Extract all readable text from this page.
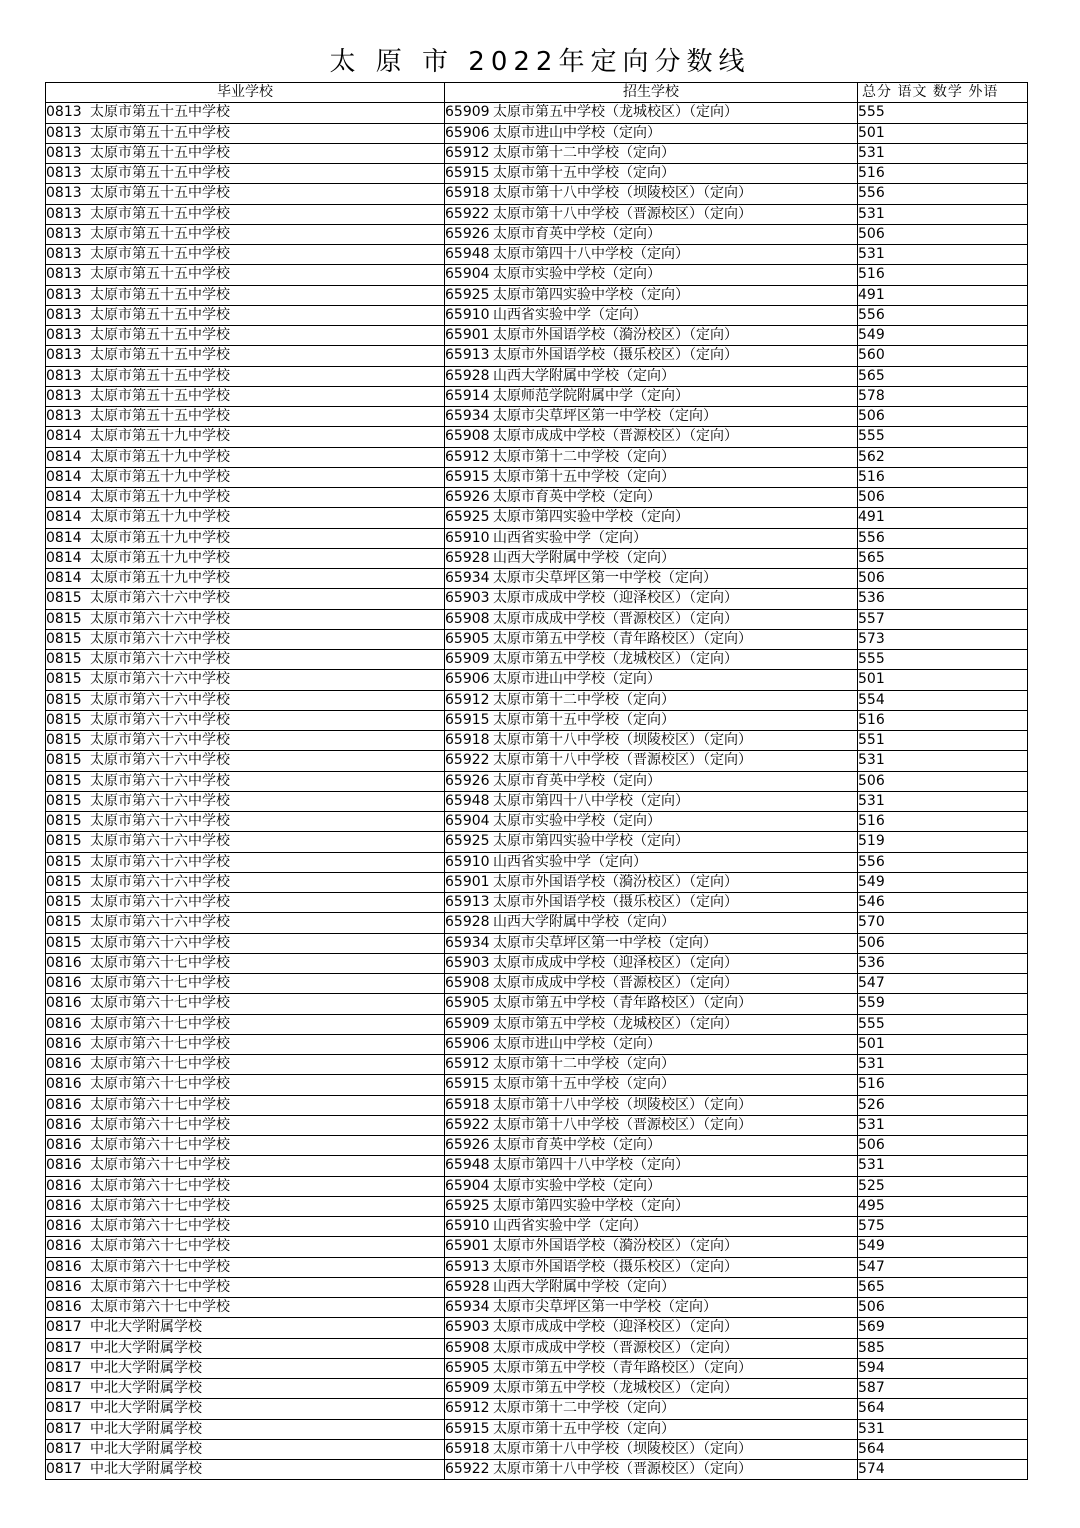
太 原 市 2022年定向分数线
毕业学校	招生学校	总分 语文 数学 外语
0813 太原市第五十五中学校	65909 太原市第五中学校（龙城校区）（定向）	555
0813 太原市第五十五中学校	65906 太原市进山中学校（定向）	501
0813 太原市第五十五中学校	65912 太原市第十二中学校（定向）	531
0813 太原市第五十五中学校	65915 太原市第十五中学校（定向）	516
0813 太原市第五十五中学校	65918 太原市第十八中学校（坝陵校区）（定向）	556
0813 太原市第五十五中学校	65922 太原市第十八中学校（晋源校区）（定向）	531
0813 太原市第五十五中学校	65926 太原市育英中学校（定向）	506
0813 太原市第五十五中学校	65948 太原市第四十八中学校（定向）	531
0813 太原市第五十五中学校	65904 太原市实验中学校（定向）	516
0813 太原市第五十五中学校	65925 太原市第四实验中学校（定向）	491
0813 太原市第五十五中学校	65910 山西省实验中学（定向）	556
0813 太原市第五十五中学校	65901 太原市外国语学校（漪汾校区）（定向）	549
0813 太原市第五十五中学校	65913 太原市外国语学校（摄乐校区）（定向）	560
0813 太原市第五十五中学校	65928 山西大学附属中学校（定向）	565
0813 太原市第五十五中学校	65914 太原师范学院附属中学（定向）	578
0813 太原市第五十五中学校	65934 太原市尖草坪区第一中学校（定向）	506
0814 太原市第五十九中学校	65908 太原市成成中学校（晋源校区）（定向）	555
0814 太原市第五十九中学校	65912 太原市第十二中学校（定向）	562
0814 太原市第五十九中学校	65915 太原市第十五中学校（定向）	516
0814 太原市第五十九中学校	65926 太原市育英中学校（定向）	506
0814 太原市第五十九中学校	65925 太原市第四实验中学校（定向）	491
0814 太原市第五十九中学校	65910 山西省实验中学（定向）	556
0814 太原市第五十九中学校	65928 山西大学附属中学校（定向）	565
0814 太原市第五十九中学校	65934 太原市尖草坪区第一中学校（定向）	506
0815 太原市第六十六中学校	65903 太原市成成中学校（迎泽校区）（定向）	536
0815 太原市第六十六中学校	65908 太原市成成中学校（晋源校区）（定向）	557
0815 太原市第六十六中学校	65905 太原市第五中学校（青年路校区）（定向）	573
0815 太原市第六十六中学校	65909 太原市第五中学校（龙城校区）（定向）	555
0815 太原市第六十六中学校	65906 太原市进山中学校（定向）	501
0815 太原市第六十六中学校	65912 太原市第十二中学校（定向）	554
0815 太原市第六十六中学校	65915 太原市第十五中学校（定向）	516
0815 太原市第六十六中学校	65918 太原市第十八中学校（坝陵校区）（定向）	551
0815 太原市第六十六中学校	65922 太原市第十八中学校（晋源校区）（定向）	531
0815 太原市第六十六中学校	65926 太原市育英中学校（定向）	506
0815 太原市第六十六中学校	65948 太原市第四十八中学校（定向）	531
0815 太原市第六十六中学校	65904 太原市实验中学校（定向）	516
0815 太原市第六十六中学校	65925 太原市第四实验中学校（定向）	519
0815 太原市第六十六中学校	65910 山西省实验中学（定向）	556
0815 太原市第六十六中学校	65901 太原市外国语学校（漪汾校区）（定向）	549
0815 太原市第六十六中学校	65913 太原市外国语学校（摄乐校区）（定向）	546
0815 太原市第六十六中学校	65928 山西大学附属中学校（定向）	570
0815 太原市第六十六中学校	65934 太原市尖草坪区第一中学校（定向）	506
0816 太原市第六十七中学校	65903 太原市成成中学校（迎泽校区）（定向）	536
0816 太原市第六十七中学校	65908 太原市成成中学校（晋源校区）（定向）	547
0816 太原市第六十七中学校	65905 太原市第五中学校（青年路校区）（定向）	559
0816 太原市第六十七中学校	65909 太原市第五中学校（龙城校区）（定向）	555
0816 太原市第六十七中学校	65906 太原市进山中学校（定向）	501
0816 太原市第六十七中学校	65912 太原市第十二中学校（定向）	531
0816 太原市第六十七中学校	65915 太原市第十五中学校（定向）	516
0816 太原市第六十七中学校	65918 太原市第十八中学校（坝陵校区）（定向）	526
0816 太原市第六十七中学校	65922 太原市第十八中学校（晋源校区）（定向）	531
0816 太原市第六十七中学校	65926 太原市育英中学校（定向）	506
0816 太原市第六十七中学校	65948 太原市第四十八中学校（定向）	531
0816 太原市第六十七中学校	65904 太原市实验中学校（定向）	525
0816 太原市第六十七中学校	65925 太原市第四实验中学校（定向）	495
0816 太原市第六十七中学校	65910 山西省实验中学（定向）	575
0816 太原市第六十七中学校	65901 太原市外国语学校（漪汾校区）（定向）	549
0816 太原市第六十七中学校	65913 太原市外国语学校（摄乐校区）（定向）	547
0816 太原市第六十七中学校	65928 山西大学附属中学校（定向）	565
0816 太原市第六十七中学校	65934 太原市尖草坪区第一中学校（定向）	506
0817 中北大学附属学校	65903 太原市成成中学校（迎泽校区）（定向）	569
0817 中北大学附属学校	65908 太原市成成中学校（晋源校区）（定向）	585
0817 中北大学附属学校	65905 太原市第五中学校（青年路校区）（定向）	594
0817 中北大学附属学校	65909 太原市第五中学校（龙城校区）（定向）	587
0817 中北大学附属学校	65912 太原市第十二中学校（定向）	564
0817 中北大学附属学校	65915 太原市第十五中学校（定向）	531
0817 中北大学附属学校	65918 太原市第十八中学校（坝陵校区）（定向）	564
0817 中北大学附属学校	65922 太原市第十八中学校（晋源校区）（定向）	574
